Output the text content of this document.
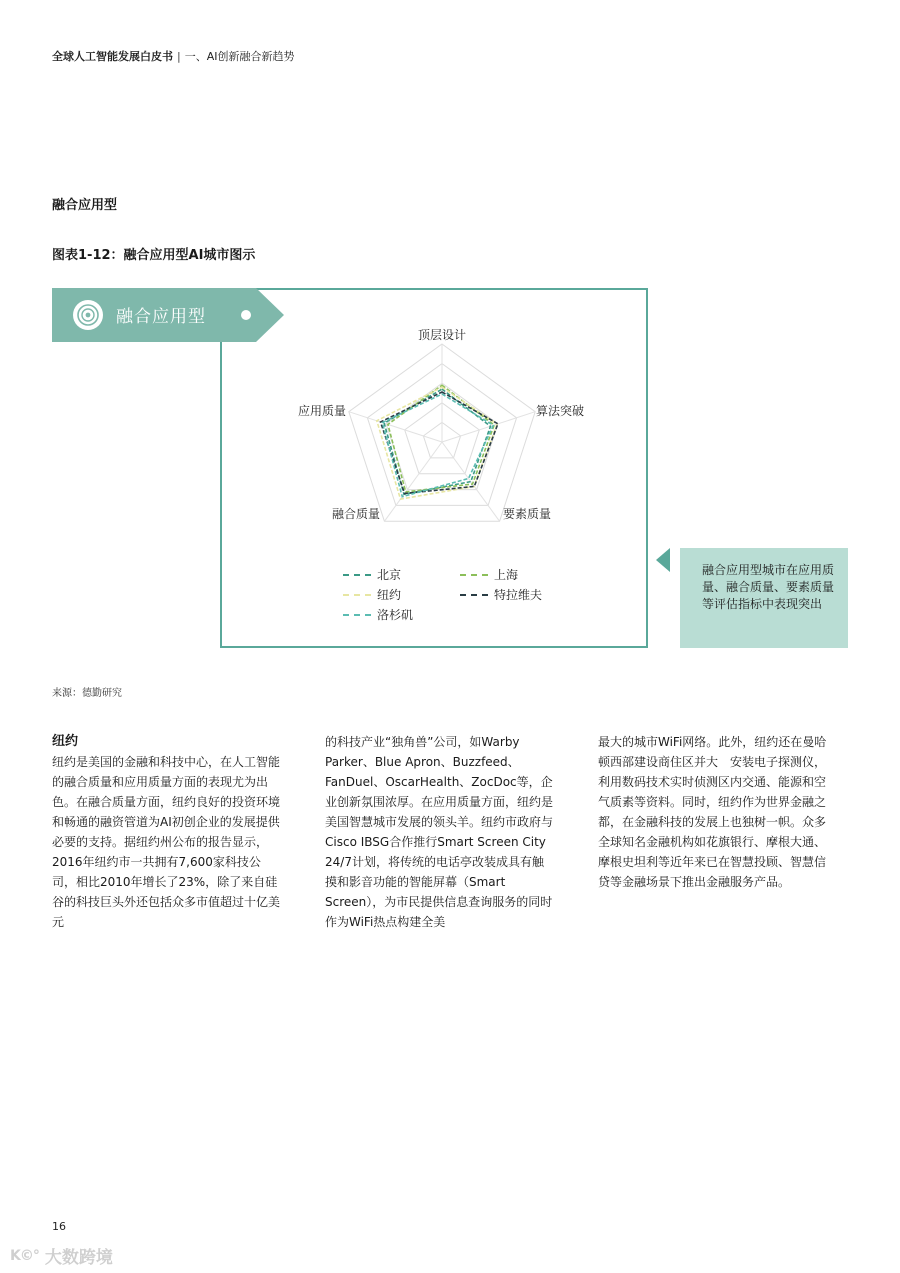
全球人工智能发展白皮书 | 一、AI创新融合新趋势
融合应用型
图表1-12：融合应用型AI城市图示
融合应用型
顶层设计
算法突破
要素质量
融合质量
应用质量
北京	上海
纽约	特拉维夫
洛杉矶
融合应用型城市在应用质量、融合质量、要素质量等评估指标中表现突出
来源：德勤研究

纽约

纽约是美国的金融和科技中心，在人工智能的融合质量和应用质量方面的表现尤为出色。在融合质量方面，纽约良好的投资环境和畅通的融资管道为AI初创企业的发展提供必要的支持。据纽约州公布的报告显示，2016年纽约市一共拥有7,600家科技公司，相比2010年增长了23%，除了来自硅谷的科技巨头外还包括众多市值超过十亿美元

的科技产业“独角兽”公司，如Warby Parker、Blue Apron、Buzzfeed、FanDuel、OscarHealth、ZocDoc等，企业创新氛围浓厚。在应用质量方面，纽约是美国智慧城市发展的领头羊。纽约市政府与Cisco IBSG合作推行Smart Screen City 24/7计划，将传统的电话亭改装成具有触摸和影音功能的智能屏幕（Smart Screen），为市民提供信息查询服务的同时作为WiFi热点构建全美

最大的城市WiFi网络。此外，纽约还在曼哈顿西部建设商住区并大　安装电子探测仪，利用数码技术实时侦测区内交通、能源和空气质素等资料。同时，纽约作为世界金融之都，在金融科技的发展上也独树一帜。众多全球知名金融机构如花旗银行、摩根大通、摩根史坦利等近年来已在智慧投顾、智慧信贷等金融场景下推出金融服务产品。

16
K©° 大数跨境
